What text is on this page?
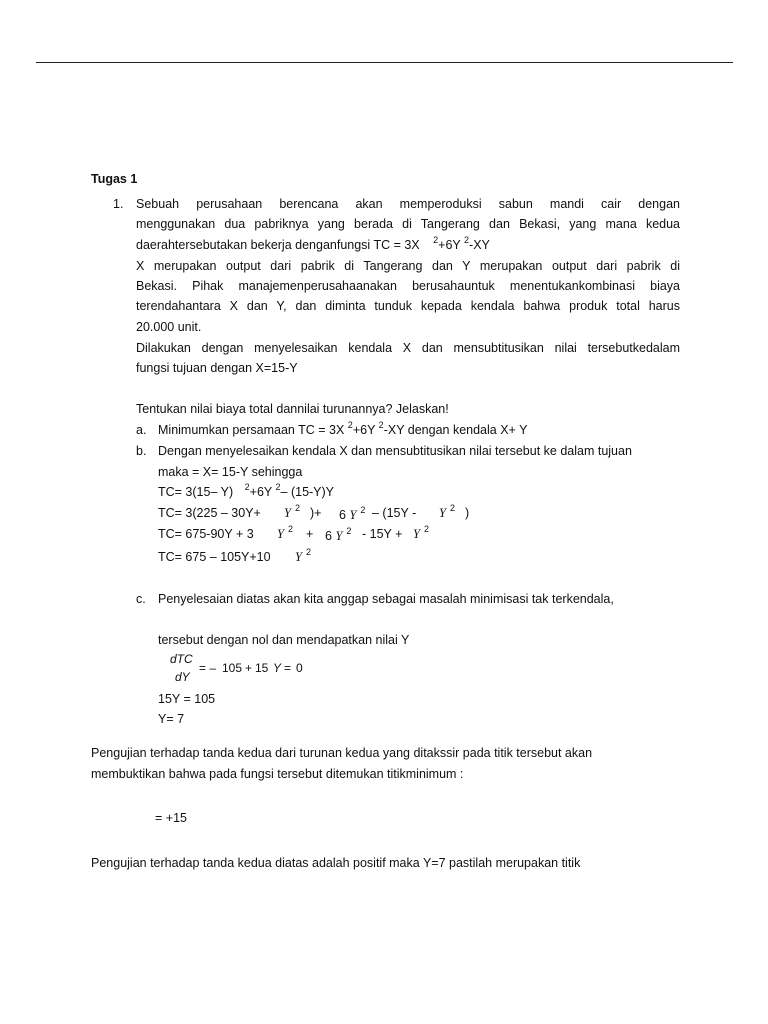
Tugas 1
1. Sebuah perusahaan berencana akan memperoduksi sabun mandi cair dengan
menggunakan dua pabriknya yang berada di Tangerang dan Bekasi, yang mana kedua
daerahtersebutakan bekerja denganfungsi TC = 3X $^2$+6Y $^2$-XY
X merupakan output dari pabrik di Tangerang dan Y merupakan output dari pabrik di
Bekasi. Pihak manajemenperusahaanakan berusahauntuk menentukankombinasi biaya
terendahantara X dan Y, dan diminta tunduk kepada kendala bahwa produk total harus
20.000 unit.
Dilakukan dengan menyelesaikan kendala X dan mensubtitusikan nilai tersebutkedalam
fungsi tujuan dengan X=15-Y
Tentukan nilai biaya total dannilai turunannya? Jelaskan!
a. Minimumkan persamaan TC = 3X $^2$+6Y $^2$-XY dengan kendala X+ Y
b. Dengan menyelesaikan kendala X dan mensubtitusikan nilai tersebut ke dalam tujuan
maka = X= 15-Y sehingga
TC= 3(15– Y) $^2$+6Y $^2$– (15-Y)Y
TC= 3(225 – 30Y+ Y $^2$ )+ 6 Y $^2$ – (15Y - Y $^2$ )
TC= 675-90Y + 3 Y $^2$ + 6 Y $^2$ - 15Y + Y $^2$
TC= 675 – 105Y+10 Y $^2$
c. Penyelesaian diatas akan kita anggap sebagai masalah minimisasi tak terkendala,
tersebut dengan nol dan mendapatkan nilai Y
dTC
dY
= – 105 + 15 Y = 0
15Y = 105
Y= 7
Pengujian terhadap tanda kedua dari turunan kedua yang ditakssir pada titik tersebut akan
membuktikan bahwa pada fungsi tersebut ditemukan titikminimum :
= +15
Pengujian terhadap tanda kedua diatas adalah positif maka Y=7 pastilah merupakan titik
